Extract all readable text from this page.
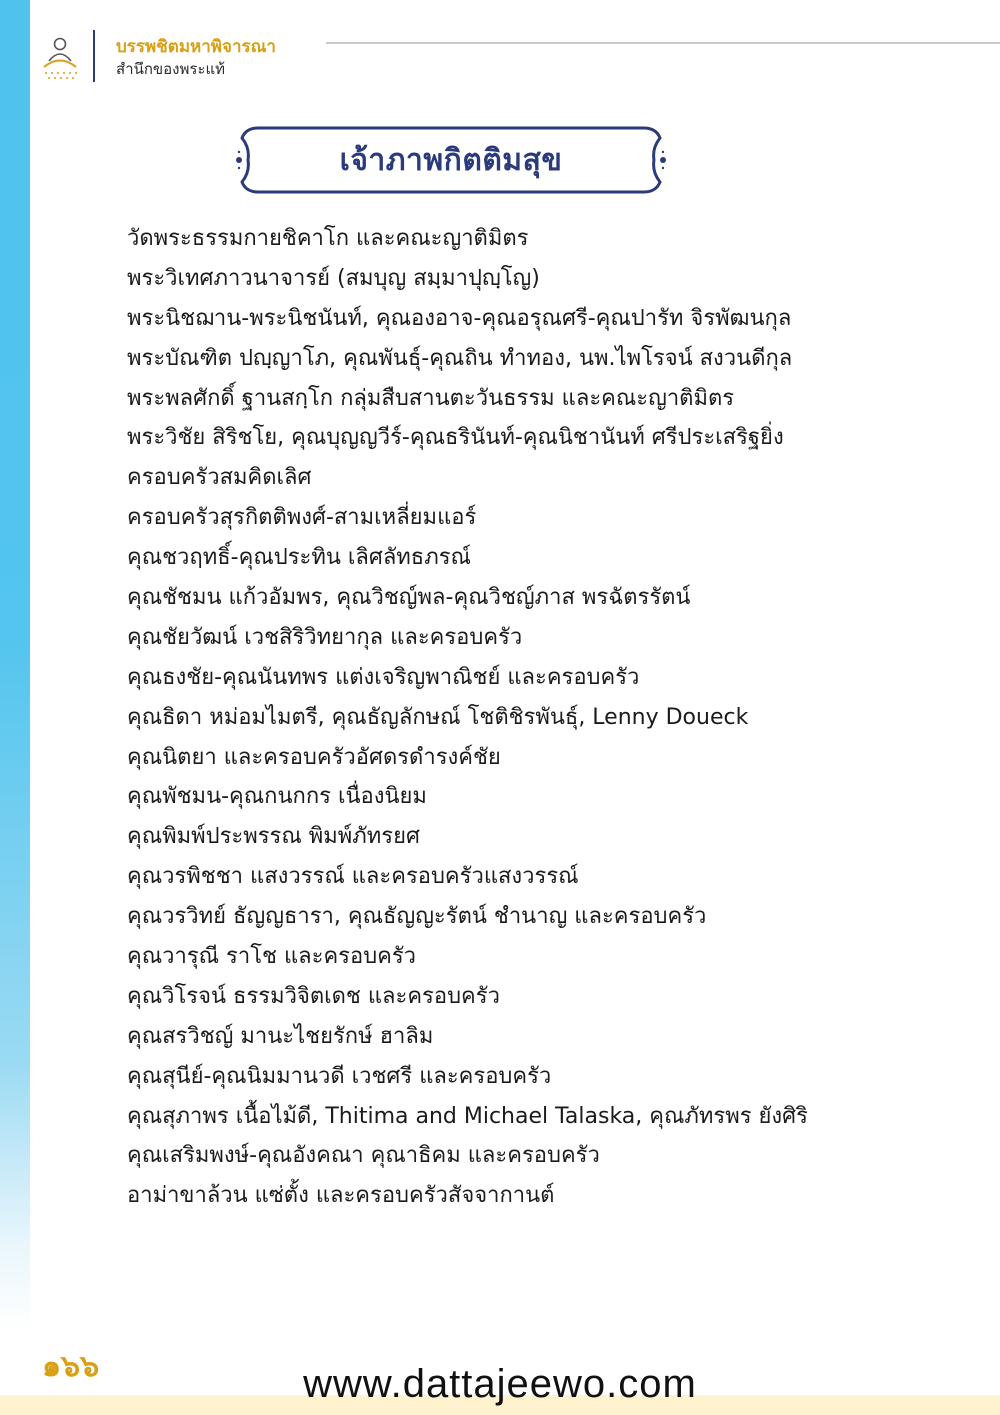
บรรพชิตมหาพิจารณา
สำนึกของพระแท้
เจ้าภาพกิตติมสุข
วัดพระธรรมกายชิคาโก และคณะญาติมิตร
พระวิเทศภาวนาจารย์ (สมบุญ สมฺมาปุญฺโญ)
พระนิชฌาน-พระนิชนันท์, คุณองอาจ-คุณอรุณศรี-คุณปารัท จิรพัฒนกุล
พระบัณฑิต ปญฺญาโภ, คุณพันธุ์-คุณถิน ทำทอง, นพ.ไพโรจน์ สงวนดีกุล
พระพลศักดิ์ ฐานสกฺโก กลุ่มสืบสานตะวันธรรม และคณะญาติมิตร
พระวิชัย สิริชโย, คุณบุญญวีร์-คุณธรินันท์-คุณนิชานันท์ ศรีประเสริฐยิ่ง
ครอบครัวสมคิดเลิศ
ครอบครัวสุรกิตติพงศ์-สามเหลี่ยมแอร์
คุณชวฤทธิ์-คุณประทิน เลิศลัทธภรณ์
คุณชัชมน แก้วอัมพร, คุณวิชญ์พล-คุณวิชญ์ภาส พรฉัตรรัตน์
คุณชัยวัฒน์ เวชสิริวิทยากุล และครอบครัว
คุณธงชัย-คุณนันทพร แต่งเจริญพาณิชย์ และครอบครัว
คุณธิดา หม่อมไมตรี, คุณธัญลักษณ์ โชติชิรพันธุ์, Lenny Doueck
คุณนิตยา และครอบครัวอัศดรดำรงค์ชัย
คุณพัชมน-คุณกนกกร เนื่องนิยม
คุณพิมพ์ประพรรณ พิมพ์ภัทรยศ
คุณวรพิชชา แสงวรรณ์ และครอบครัวแสงวรรณ์
คุณวรวิทย์ ธัญญธารา, คุณธัญญะรัตน์ ชำนาญ และครอบครัว
คุณวารุณี ราโช และครอบครัว
คุณวิโรจน์ ธรรมวิจิตเดช และครอบครัว
คุณสรวิชญ์ มานะไชยรักษ์ ฮาลิม
คุณสุนีย์-คุณนิมมานวดี เวชศรี และครอบครัว
คุณสุภาพร เนื้อไม้ดี, Thitima and Michael Talaska, คุณภัทรพร ยังศิริ
คุณเสริมพงษ์-คุณอังคณา คุณาธิคม และครอบครัว
อาม่าขาล้วน แซ่ตั้ง และครอบครัวสัจจากานต์
๑๖๖	www.dattajeewo.com
